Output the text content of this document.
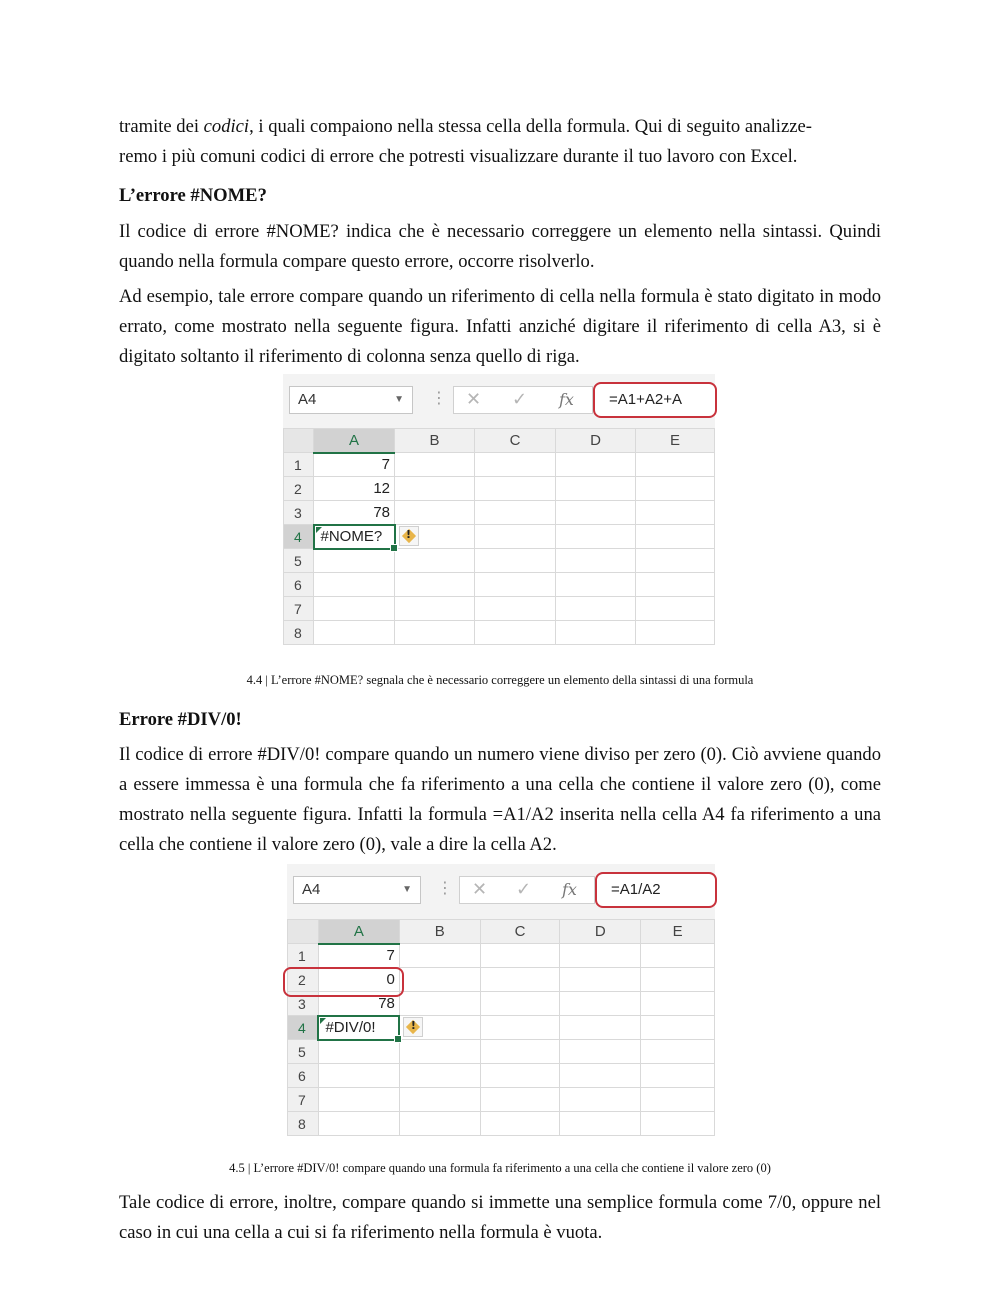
tramite dei codici, i quali compaiono nella stessa cella della formula. Qui di seguito analizze-
remo i più comuni codici di errore che potresti visualizzare durante il tuo lavoro con Excel.
L’errore #NOME?
Il codice di errore #NOME? indica che è necessario correggere un elemento nella sintassi. Quindi quando nella formula compare questo errore, occorre risolverlo.
Ad esempio, tale errore compare quando un riferimento di cella nella formula è stato digitato in modo errato, come mostrato nella seguente figura. Infatti anziché digitare il riferimento di cella A3, si è digitato soltanto il riferimento di colonna senza quello di riga.
A4	▼ ⋮ ✕ ✓ fx	=A1+A2+A
	A	B	C	D	E
1	7				
2	12				
3	78				
4	#NOME?	!			

5					
6					
7					
8					
4.4 | L’errore #NOME? segnala che è necessario correggere un elemento della sintassi di una formula
Errore #DIV/0!
Il codice di errore #DIV/0! compare quando un numero viene diviso per zero (0). Ciò avviene quando a essere immessa è una formula che fa riferimento a una cella che contiene il valore zero (0), come mostrato nella seguente figura. Infatti la formula =A1/A2 inserita nella cella A4 fa riferimento a una cella che contiene il valore zero (0), vale a dire la cella A2.
A4	▼ ⋮ ✕ ✓ fx	=A1/A2
	A	B	C	D	E
1	7				
2	0				
3	78				
4	#DIV/0!	!			

5					
6					
7					
8					
4.5 | L’errore #DIV/0! compare quando una formula fa riferimento a una cella che contiene il valore zero (0)
Tale codice di errore, inoltre, compare quando si immette una semplice formula come 7/0, oppure nel caso in cui una cella a cui si fa riferimento nella formula è vuota.
